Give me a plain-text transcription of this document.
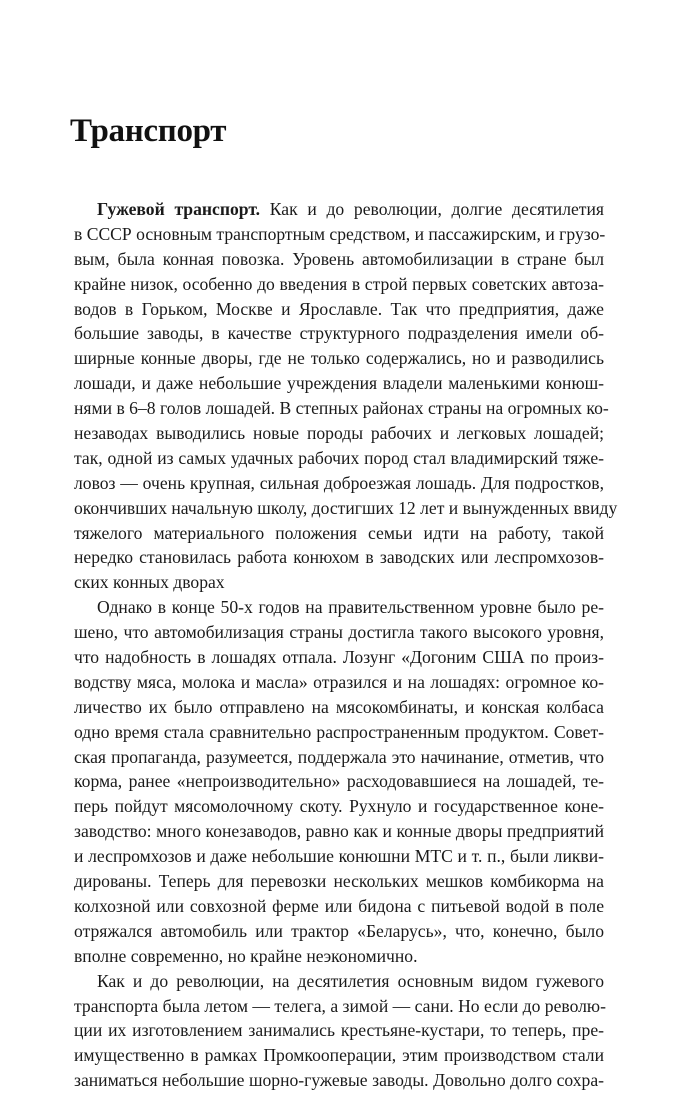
Транспорт
Гужевой транспорт. Как и до революции, долгие десятилетия
в СССР основным транспортным средством, и пассажирским, и грузо-
вым, была конная повозка. Уровень автомобилизации в стране был
крайне низок, особенно до введения в строй первых советских автоза-
водов в Горьком, Москве и Ярославле. Так что предприятия, даже
большие заводы, в качестве структурного подразделения имели об-
ширные конные дворы, где не только содержались, но и разводились
лошади, и даже небольшие учреждения владели маленькими конюш-
нями в 6–8 голов лошадей. В степных районах страны на огромных ко-
незаводах выводились новые породы рабочих и легковых лошадей;
так, одной из самых удачных рабочих пород стал владимирский тяже-
ловоз — очень крупная, сильная доброезжая лошадь. Для подростков,
окончивших начальную школу, достигших 12 лет и вынужденных ввиду
тяжелого материального положения семьи идти на работу, такой
нередко становилась работа конюхом в заводских или леспромхозов-
ских конных дворах
Однако в конце 50-х годов на правительственном уровне было ре-
шено, что автомобилизация страны достигла такого высокого уровня,
что надобность в лошадях отпала. Лозунг «Догоним США по произ-
водству мяса, молока и масла» отразился и на лошадях: огромное ко-
личество их было отправлено на мясокомбинаты, и конская колбаса
одно время стала сравнительно распространенным продуктом. Совет-
ская пропаганда, разумеется, поддержала это начинание, отметив, что
корма, ранее «непроизводительно» расходовавшиеся на лошадей, те-
перь пойдут мясомолочному скоту. Рухнуло и государственное коне-
заводство: много конезаводов, равно как и конные дворы предприятий
и леспромхозов и даже небольшие конюшни МТС и т. п., были ликви-
дированы. Теперь для перевозки нескольких мешков комбикорма на
колхозной или совхозной ферме или бидона с питьевой водой в поле
отряжался автомобиль или трактор «Беларусь», что, конечно, было
вполне современно, но крайне неэкономично.
Как и до революции, на десятилетия основным видом гужевого
транспорта была летом — телега, а зимой — сани. Но если до револю-
ции их изготовлением занимались крестьяне-кустари, то теперь, пре-
имущественно в рамках Промкооперации, этим производством стали
заниматься небольшие шорно-гужевые заводы. Довольно долго сохра-
